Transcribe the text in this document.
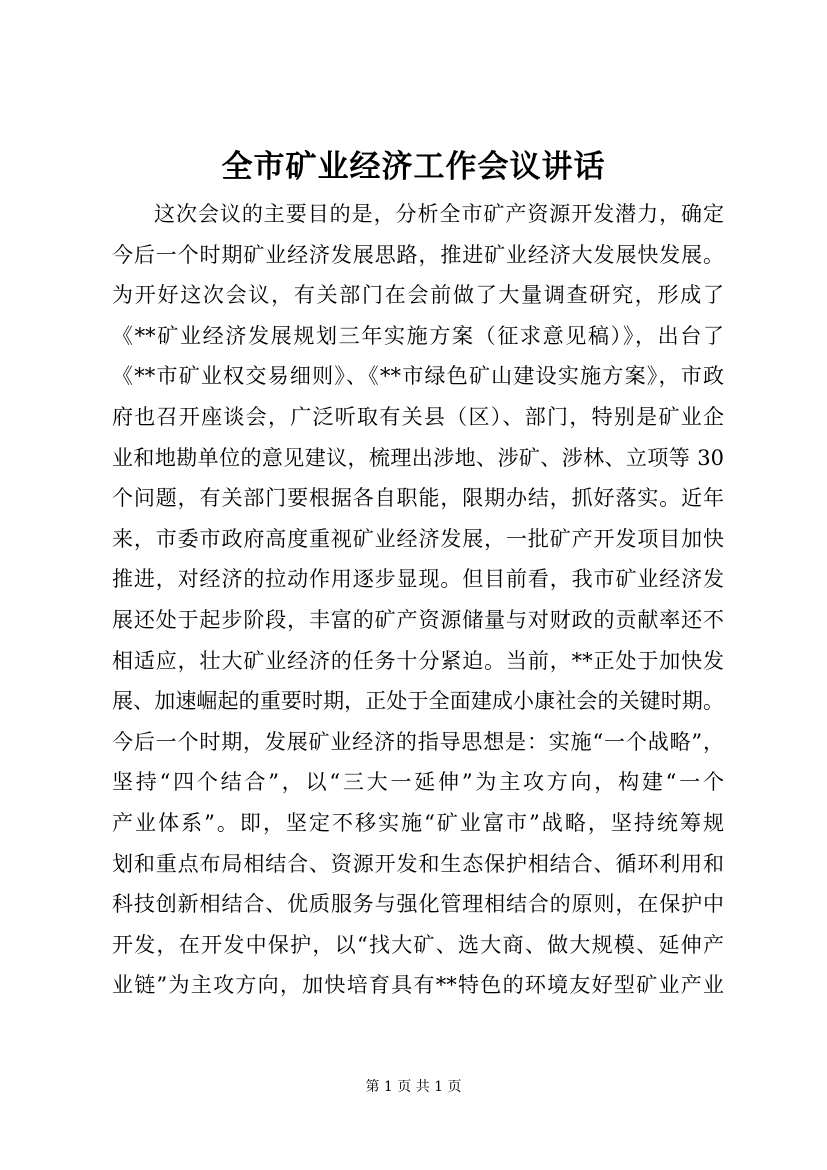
全市矿业经济工作会议讲话
这次会议的主要目的是，分析全市矿产资源开发潜力，确定
今后一个时期矿业经济发展思路，推进矿业经济大发展快发展。
为开好这次会议，有关部门在会前做了大量调查研究，形成了
《**矿业经济发展规划三年实施方案（征求意见稿）》，出台了
《**市矿业权交易细则》、《**市绿色矿山建设实施方案》，市政
府也召开座谈会，广泛听取有关县（区）、部门，特别是矿业企
业和地勘单位的意见建议，梳理出涉地、涉矿、涉林、立项等 30
个问题，有关部门要根据各自职能，限期办结，抓好落实。近年
来，市委市政府高度重视矿业经济发展，一批矿产开发项目加快
推进，对经济的拉动作用逐步显现。但目前看，我市矿业经济发
展还处于起步阶段，丰富的矿产资源储量与对财政的贡献率还不
相适应，壮大矿业经济的任务十分紧迫。当前，**正处于加快发
展、加速崛起的重要时期，正处于全面建成小康社会的关键时期。
今后一个时期，发展矿业经济的指导思想是：实施“一个战略”，
坚持“四个结合”，以“三大一延伸”为主攻方向，构建“一个
产业体系”。即，坚定不移实施“矿业富市”战略，坚持统筹规
划和重点布局相结合、资源开发和生态保护相结合、循环利用和
科技创新相结合、优质服务与强化管理相结合的原则，在保护中
开发，在开发中保护，以“找大矿、选大商、做大规模、延伸产
业链”为主攻方向，加快培育具有**特色的环境友好型矿业产业

第 1 页 共 1 页
